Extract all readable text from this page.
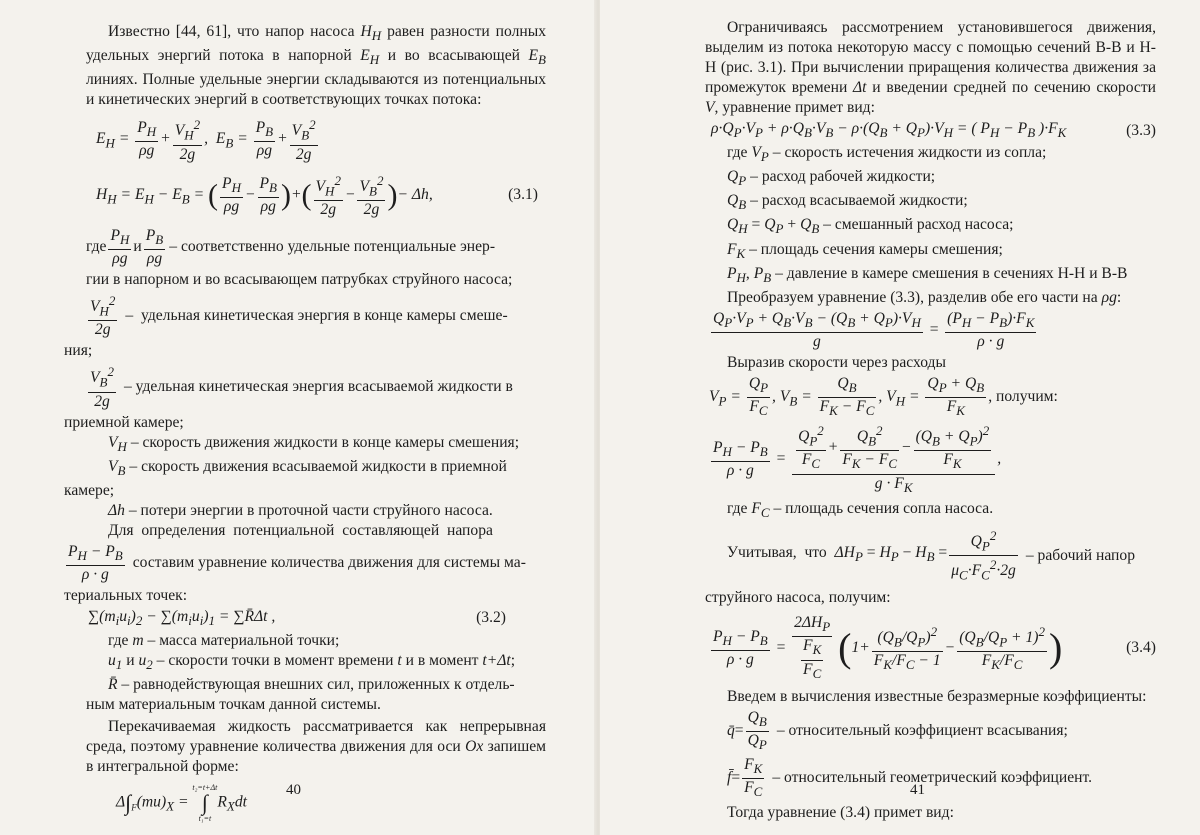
Известно [44, 61], что напор насоса $H_H$ равен разности полных удельных энергий потока в напорной $E_H$ и во всасывающей $E_B$ линиях. Полные удельные энергии складываются из потенциальных и кинетических энергий в соответствующих точках потока:

$E_H = \frac{P_H}{\rho g} + \frac{V_H^2}{2g}$ ,  $E_B = \frac{P_B}{\rho g} + \frac{V_B^2}{2g}$
$H_H = E_H - E_B$ = ( $\frac{P_H}{\rho g} - \frac{P_B}{\rho g}$ )+( $\frac{V_H^2}{2g} - \frac{V_B^2}{2g}$ )− Δh,	(3.1)
где $\frac{P_H}{\rho g}$ и $\frac{P_B}{\rho g}$ – соответственно удельные потенциальные энер-

гии в напорном и во всасывающем патрубках струйного насоса;

$\frac{V_H^2}{2g}$ –  удельная кинетическая энергия в конце камеры смеше-

ния;

$\frac{V_B^2}{2g}$ – удельная кинетическая энергия всасываемой жидкости в

приемной камере;

$V_H$ – скорость движения жидкости в конце камеры смешения;

$V_B$ – скорость движения всасываемой жидкости в приемной

камере;

Δh – потери энергии в проточной части струйного насоса.

Для  определения  потенциальной  составляющей  напора

$\frac{P_H - P_B}{\rho \cdot g}$ составим уравнение количества движения для системы ма-

териальных точек:

$\sum(m_iu_i)_2 - \sum(m_iu_i)_1$ = ∑R̄Δt ,	(3.2)

где m – масса материальной точки;

$u_1$ и $u_2$ – скорости точки в момент времени t и в момент t+Δt;

R̄ – равнодействующая внешних сил, приложенных к отдель-

ным материальным точкам данной системы.

Перекачиваемая жидкость рассматривается как непрерывная среда, поэтому уравнение количества движения для оси Ox запишем в интегральной форме:

$\Delta\int_F(mu)_X$ =
t₂=t+Δt
∫
t₁=t
$R_Xdt$
40

Ограничиваясь рассмотрением установившегося движения, выделим из потока некоторую массу с помощью сечений В-В и Н-Н (рис. 3.1). При вычислении приращения количества движения за промежуток времени Δt и введении средней по сечению скорости V, уравнение примет вид:

$\rho\cdot Q_P\cdot V_P + \rho\cdot Q_B\cdot V_B - \rho\cdot(Q_B + Q_P)\cdot V_H$ = ( $P_H - P_B$ )$\cdot F_K$	(3.3)

где $V_P$ – скорость истечения жидкости из сопла;

$Q_P$ – расход рабочей жидкости;

$Q_B$ – расход всасываемой жидкости;

$Q_H = Q_P + Q_B$ – смешанный расход насоса;

$F_K$ – площадь сечения камеры смешения;

$P_H$, $P_B$ – давление в камере смешения в сечениях Н-Н и В-В

Преобразуем уравнение (3.3), разделив обе его части на ρg:

$\frac{Q_P\cdot V_P + Q_B\cdot V_B - (Q_B + Q_P)\cdot V_H}{g} = \frac{(P_H - P_B)\cdot F_K}{\rho \cdot g}$

Выразив скорости через расходы

$V_P = \frac{Q_P}{F_C}$ , $V_B = \frac{Q_B}{F_K - F_C}$ , $V_H = \frac{Q_P + Q_B}{F_K}$ , получим:
$\frac{P_H - P_B}{\rho \cdot g} = \frac{\frac{Q_P^2}{F_C} + \frac{Q_B^2}{F_K - F_C} - \frac{(Q_B + Q_P)^2}{F_K}}{g \cdot F_K}$ ,

где $F_C$ – площадь сечения сопла насоса.

Учитывая,  что  $\Delta H_P = H_P - H_B = \frac{Q_P^2}{\mu_C\cdot F_C^2\cdot 2g}$ – рабочий напор

струйного насоса, получим:

$\frac{P_H - P_B}{\rho \cdot g} = \frac{2\Delta H_P}{\frac{F_K}{F_C}} (1+ \frac{(Q_B/Q_P)^2}{F_K/F_C - 1} - \frac{(Q_B/Q_P + 1)^2}{F_K/F_C}$ )	(3.4)

Введем в вычисления известные безразмерные коэффициенты:

q̄ = $\frac{Q_B}{Q_P}$ – относительный коэффициент всасывания;
f̄ = $\frac{F_K}{F_C}$ – относительный геометрический коэффициент.

Тогда уравнение (3.4) примет вид:

41
